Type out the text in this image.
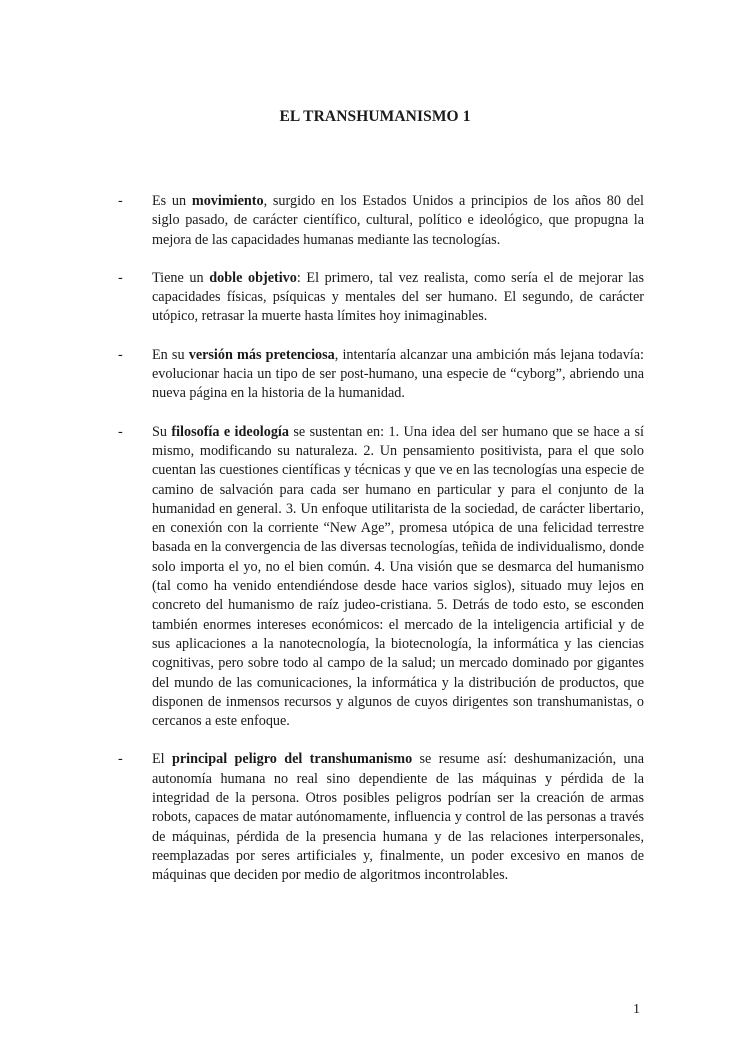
EL TRANSHUMANISMO 1
- Es un movimiento, surgido en los Estados Unidos a principios de los años 80 del siglo pasado, de carácter científico, cultural, político e ideológico, que propugna la mejora de las capacidades humanas mediante las tecnologías.
- Tiene un doble objetivo: El primero, tal vez realista, como sería el de mejorar las capacidades físicas, psíquicas y mentales del ser humano. El segundo, de carácter utópico, retrasar la muerte hasta límites hoy inimaginables.
- En su versión más pretenciosa, intentaría alcanzar una ambición más lejana todavía: evolucionar hacia un tipo de ser post-humano, una especie de “cyborg”, abriendo una nueva página en la historia de la humanidad.
- Su filosofía e ideología se sustentan en: 1. Una idea del ser humano que se hace a sí mismo, modificando su naturaleza. 2. Un pensamiento positivista, para el que solo cuentan las cuestiones científicas y técnicas y que ve en las tecnologías una especie de camino de salvación para cada ser humano en particular y para el conjunto de la humanidad en general. 3. Un enfoque utilitarista de la sociedad, de carácter libertario, en conexión con la corriente “New Age”, promesa utópica de una felicidad terrestre basada en la convergencia de las diversas tecnologías, teñida de individualismo, donde solo importa el yo, no el bien común. 4. Una visión que se desmarca del humanismo (tal como ha venido entendiéndose desde hace varios siglos), situado muy lejos en concreto del humanismo de raíz judeo-cristiana. 5. Detrás de todo esto, se esconden también enormes intereses económicos: el mercado de la inteligencia artificial y de sus aplicaciones a la nanotecnología, la biotecnología, la informática y las ciencias cognitivas, pero sobre todo al campo de la salud; un mercado dominado por gigantes del mundo de las comunicaciones, la informática y la distribución de productos, que disponen de inmensos recursos y algunos de cuyos dirigentes son transhumanistas, o cercanos a este enfoque.
- El principal peligro del transhumanismo se resume así: deshumanización, una autonomía humana no real sino dependiente de las máquinas y pérdida de la integridad de la persona. Otros posibles peligros podrían ser la creación de armas robots, capaces de matar autónomamente, influencia y control de las personas a través de máquinas, pérdida de la presencia humana y de las relaciones interpersonales, reemplazadas por seres artificiales y, finalmente, un poder excesivo en manos de máquinas que deciden por medio de algoritmos incontrolables.
1
